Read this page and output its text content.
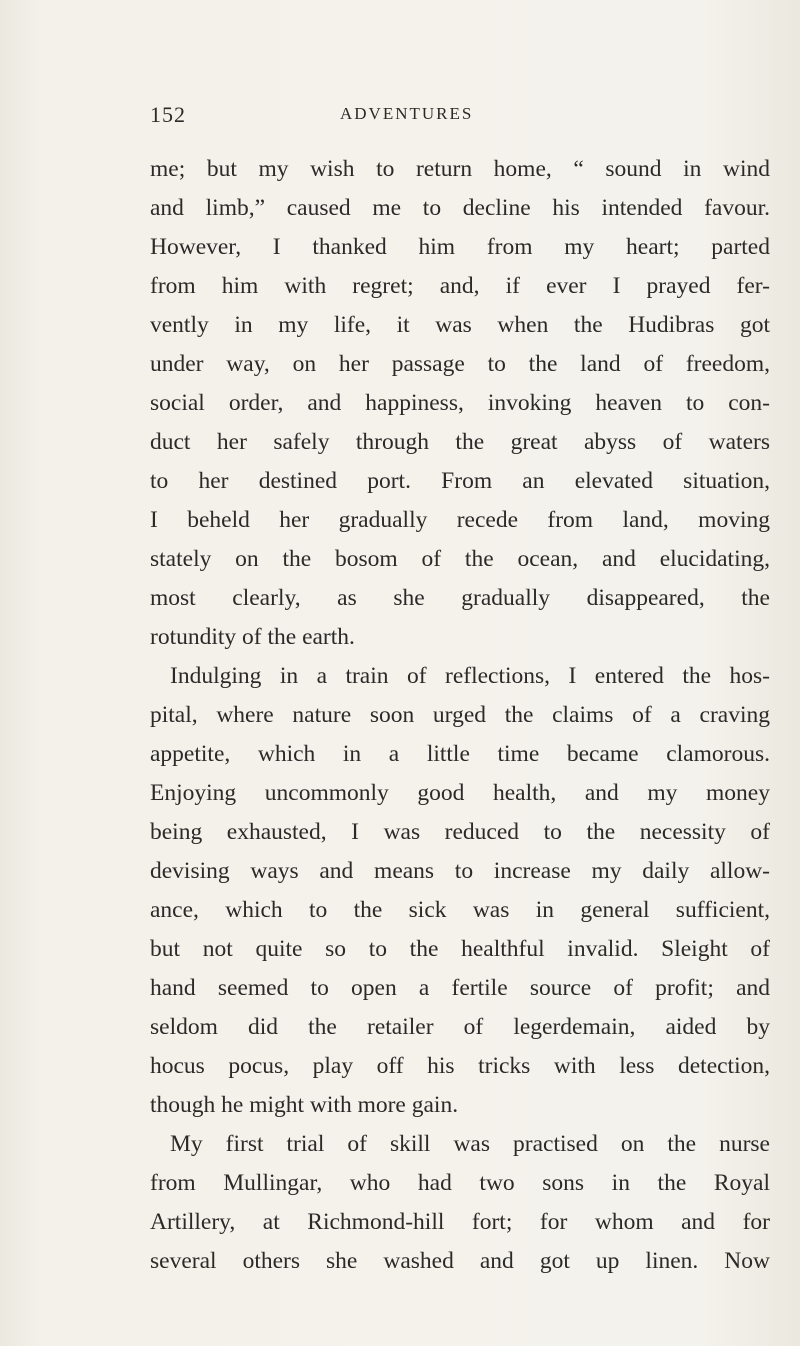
152	ADVENTURES
me; but my wish to return home, “ sound in wind
and limb,” caused me to decline his intended favour.
However, I thanked him from my heart; parted
from him with regret; and, if ever I prayed fer-
vently in my life, it was when the Hudibras got
under way, on her passage to the land of freedom,
social order, and happiness, invoking heaven to con-
duct her safely through the great abyss of waters
to her destined port. From an elevated situation,
I beheld her gradually recede from land, moving
stately on the bosom of the ocean, and elucidating,
most clearly, as she gradually disappeared, the
rotundity of the earth.
Indulging in a train of reflections, I entered the hos-
pital, where nature soon urged the claims of a craving
appetite, which in a little time became clamorous.
Enjoying uncommonly good health, and my money
being exhausted, I was reduced to the necessity of
devising ways and means to increase my daily allow-
ance, which to the sick was in general sufficient,
but not quite so to the healthful invalid. Sleight of
hand seemed to open a fertile source of profit; and
seldom did the retailer of legerdemain, aided by
hocus pocus, play off his tricks with less detection,
though he might with more gain.
My first trial of skill was practised on the nurse
from Mullingar, who had two sons in the Royal
Artillery, at Richmond-hill fort; for whom and for
several others she washed and got up linen. Now
